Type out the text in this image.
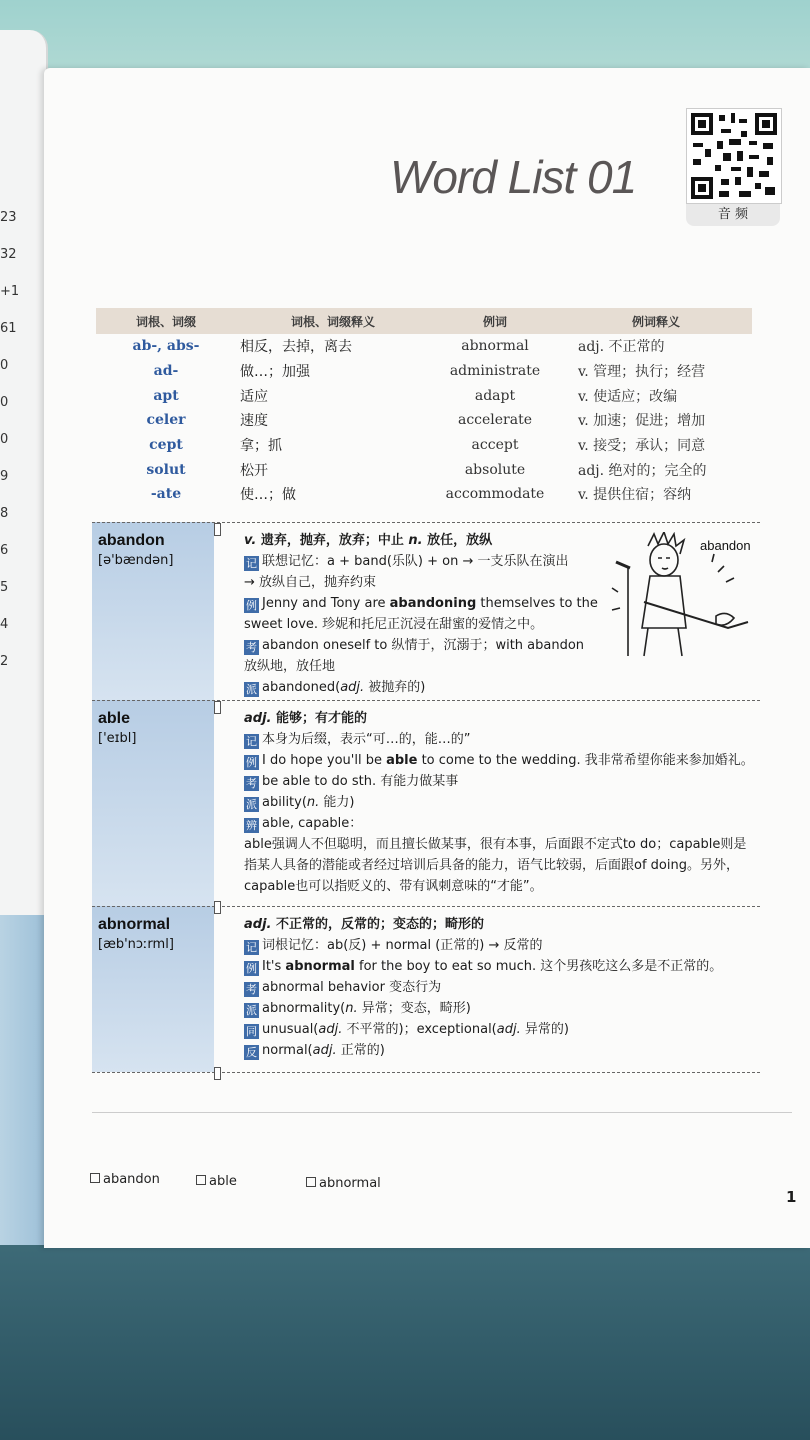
23
32
+1
61
0
0
0
9
8
6
5
4
2
Word List 01
音 频
词根、词缀	词根、词缀释义	例词	例词释义
ab-, abs-	相反，去掉，离去	abnormal	adj. 不正常的
ad-	做…；加强	administrate	v. 管理；执行；经营
apt	适应	adapt	v. 使适应；改编
celer	速度	accelerate	v. 加速；促进；增加
cept	拿；抓	accept	v. 接受；承认；同意
solut	松开	absolute	adj. 绝对的；完全的
-ate	使…；做	accommodate	v. 提供住宿；容纳
abandon
[ə'bændən]
v. 遗弃，抛弃，放弃；中止 n. 放任，放纵
记 联想记忆：a + band(乐队) + on → 一支乐队在演出
→ 放纵自己，抛弃约束
例 Jenny and Tony are abandoning themselves to the
sweet love. 珍妮和托尼正沉浸在甜蜜的爱情之中。
考 abandon oneself to 纵情于，沉溺于；with abandon
放纵地，放任地
派 abandoned(adj. 被抛弃的)
abandon
able
['eɪbl]
adj. 能够；有才能的
记 本身为后缀，表示“可…的，能…的”
例 I do hope you'll be able to come to the wedding. 我非常希望你能来参加婚礼。
考 be able to do sth. 有能力做某事
派 ability(n. 能力)
辨 able, capable：
able强调人不但聪明，而且擅长做某事，很有本事，后面跟不定式to do；capable则是指某人具备的潜能或者经过培训后具备的能力，语气比较弱，后面跟of doing。另外，capable也可以指贬义的、带有讽刺意味的“才能”。
abnormal
[æb'nɔːrml]
adj. 不正常的，反常的；变态的；畸形的
记 词根记忆：ab(反) + normal (正常的) → 反常的
例 It's abnormal for the boy to eat so much. 这个男孩吃这么多是不正常的。
考 abnormal behavior 变态行为
派 abnormality(n. 异常；变态，畸形)
同 unusual(adj. 不平常的)；exceptional(adj. 异常的)
反 normal(adj. 正常的)
abandon	able	abnormal
1
